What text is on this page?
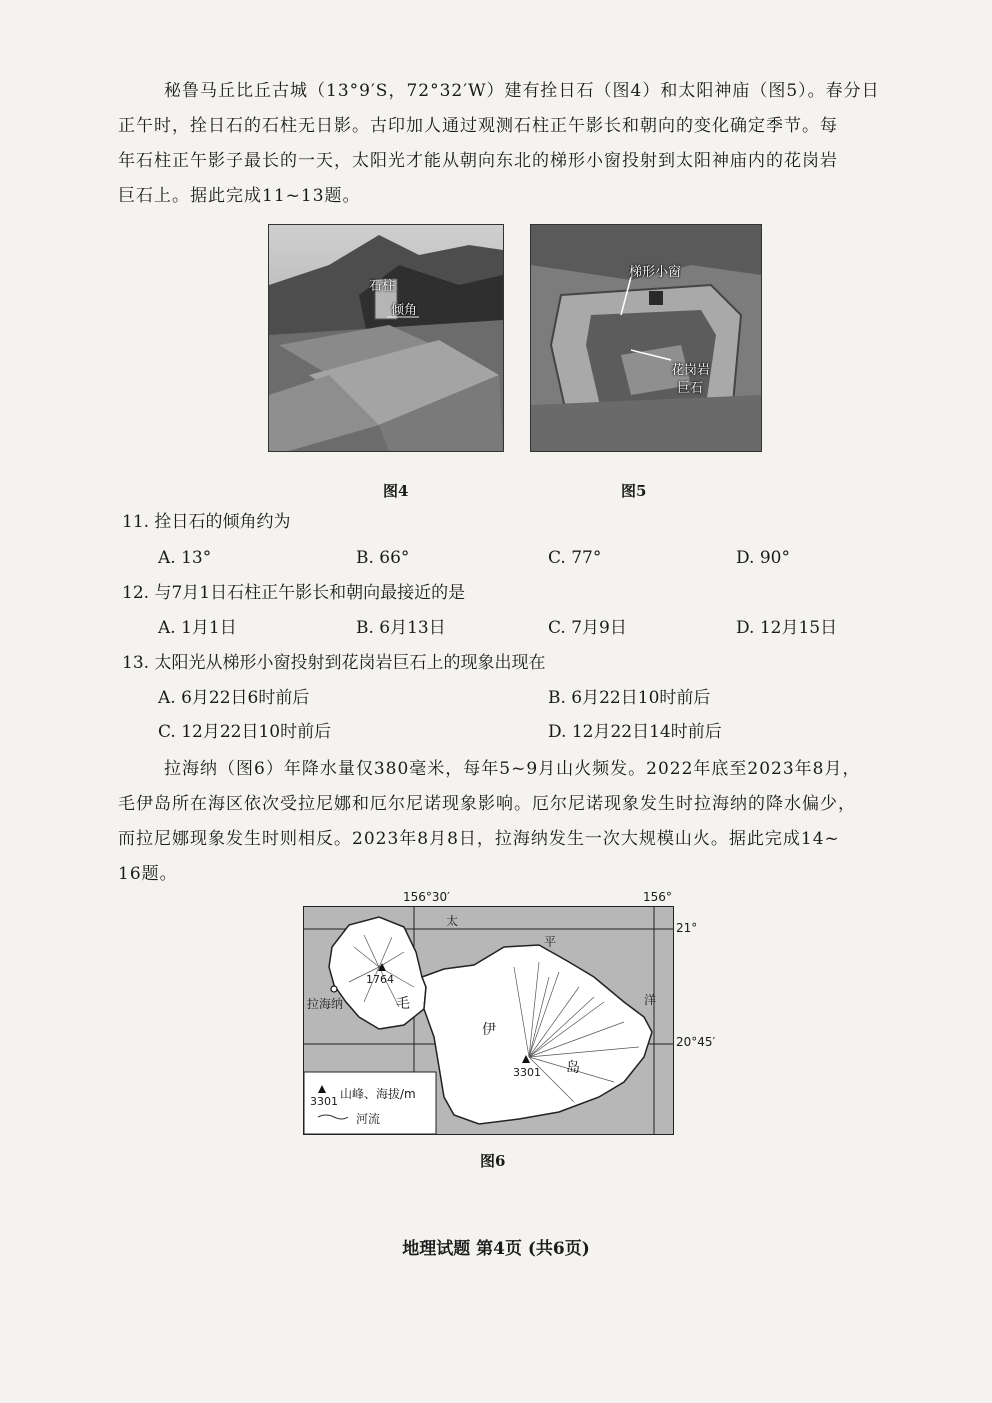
秘鲁马丘比丘古城（13°9′S，72°32′W）建有拴日石（图4）和太阳神庙（图5）。春分日
正午时，拴日石的石柱无日影。古印加人通过观测石柱正午影长和朝向的变化确定季节。每
年石柱正午影子最长的一天，太阳光才能从朝向东北的梯形小窗投射到太阳神庙内的花岗岩
巨石上。据此完成11~13题。
石柱
倾角
图4
梯形小窗
花岗岩
巨石
图5
11. 拴日石的倾角约为
A. 13°	B. 66°	C. 77°	D. 90°
12. 与7月1日石柱正午影长和朝向最接近的是
A. 1月1日	B. 6月13日	C. 7月9日	D. 12月15日
13. 太阳光从梯形小窗投射到花岗岩巨石上的现象出现在
A. 6月22日6时前后	B. 6月22日10时前后
C. 12月22日10时前后	D. 12月22日14时前后
拉海纳（图6）年降水量仅380毫米，每年5~9月山火频发。2022年底至2023年8月，
毛伊岛所在海区依次受拉尼娜和厄尔尼诺现象影响。厄尔尼诺现象发生时拉海纳的降水偏少，
而拉尼娜现象发生时则相反。2023年8月8日，拉海纳发生一次大规模山火。据此完成14~
16题。
156°30′	156°
21°
20°45′
太
平
洋
毛
伊
岛
拉海纳
1764
3301
3301
山峰、海拔/m
河流
图6
地理试题 第4页 (共6页)
